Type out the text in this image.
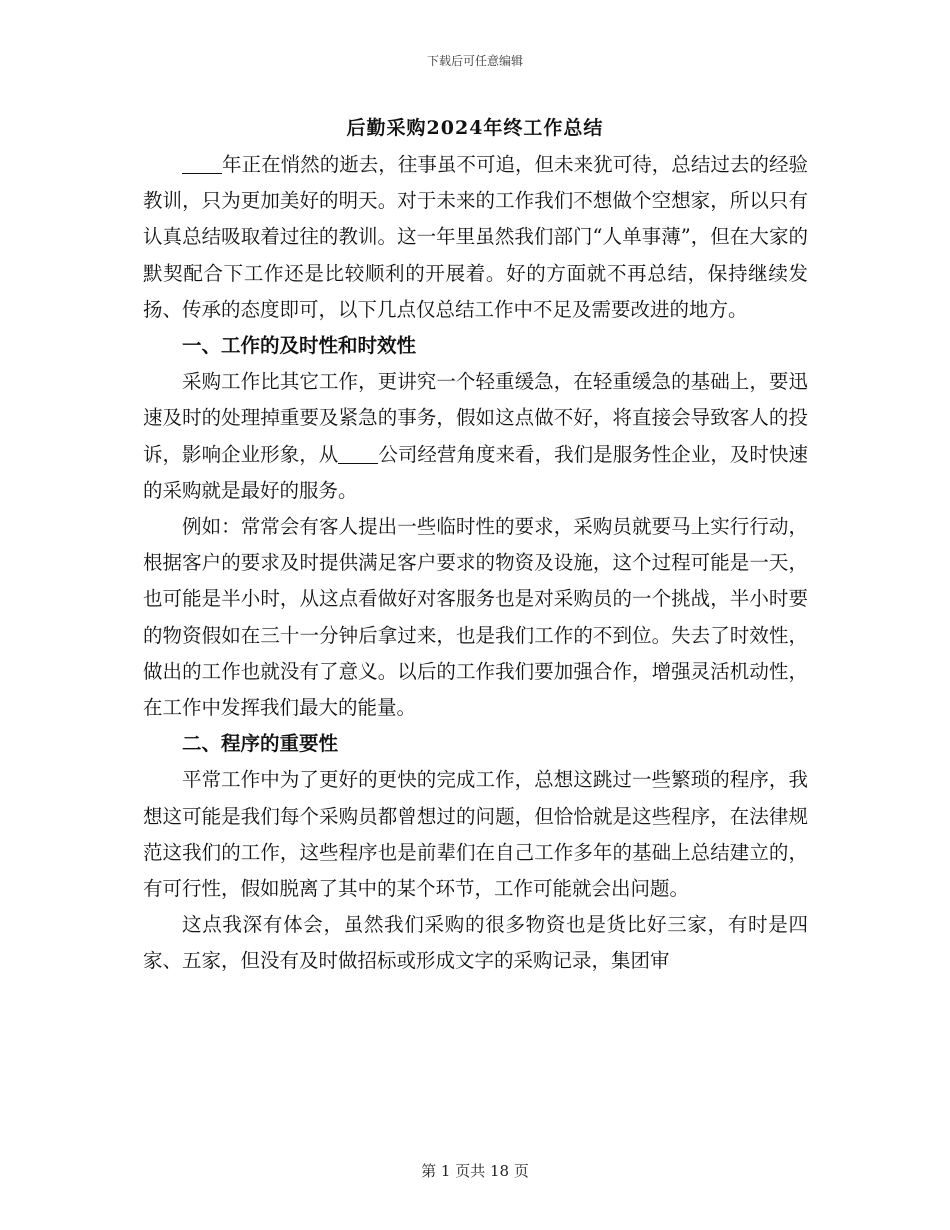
下载后可任意编辑
后勤采购2024年终工作总结

年正在悄然的逝去，往事虽不可追，但未来犹可待，总结过去的经验教训，只为更加美好的明天。对于未来的工作我们不想做个空想家，所以只有认真总结吸取着过往的教训。这一年里虽然我们部门“人单事薄”，但在大家的默契配合下工作还是比较顺利的开展着。好的方面就不再总结，保持继续发扬、传承的态度即可，以下几点仅总结工作中不足及需要改进的地方。

一、工作的及时性和时效性

采购工作比其它工作，更讲究一个轻重缓急，在轻重缓急的基础上，要迅速及时的处理掉重要及紧急的事务，假如这点做不好，将直接会导致客人的投诉，影响企业形象，从 公司经营角度来看，我们是服务性企业，及时快速的采购就是最好的服务。

例如：常常会有客人提出一些临时性的要求，采购员就要马上实行行动，根据客户的要求及时提供满足客户要求的物资及设施，这个过程可能是一天，也可能是半小时，从这点看做好对客服务也是对采购员的一个挑战，半小时要的物资假如在三十一分钟后拿过来，也是我们工作的不到位。失去了时效性，做出的工作也就没有了意义。以后的工作我们要加强合作，增强灵活机动性，在工作中发挥我们最大的能量。

二、程序的重要性

平常工作中为了更好的更快的完成工作，总想这跳过一些繁琐的程序，我想这可能是我们每个采购员都曾想过的问题，但恰恰就是这些程序，在法律规范这我们的工作，这些程序也是前辈们在自己工作多年的基础上总结建立的，有可行性，假如脱离了其中的某个环节，工作可能就会出问题。

这点我深有体会，虽然我们采购的很多物资也是货比好三家，有时是四家、五家，但没有及时做招标或形成文字的采购记录，集团审

第 1 页共 18 页
